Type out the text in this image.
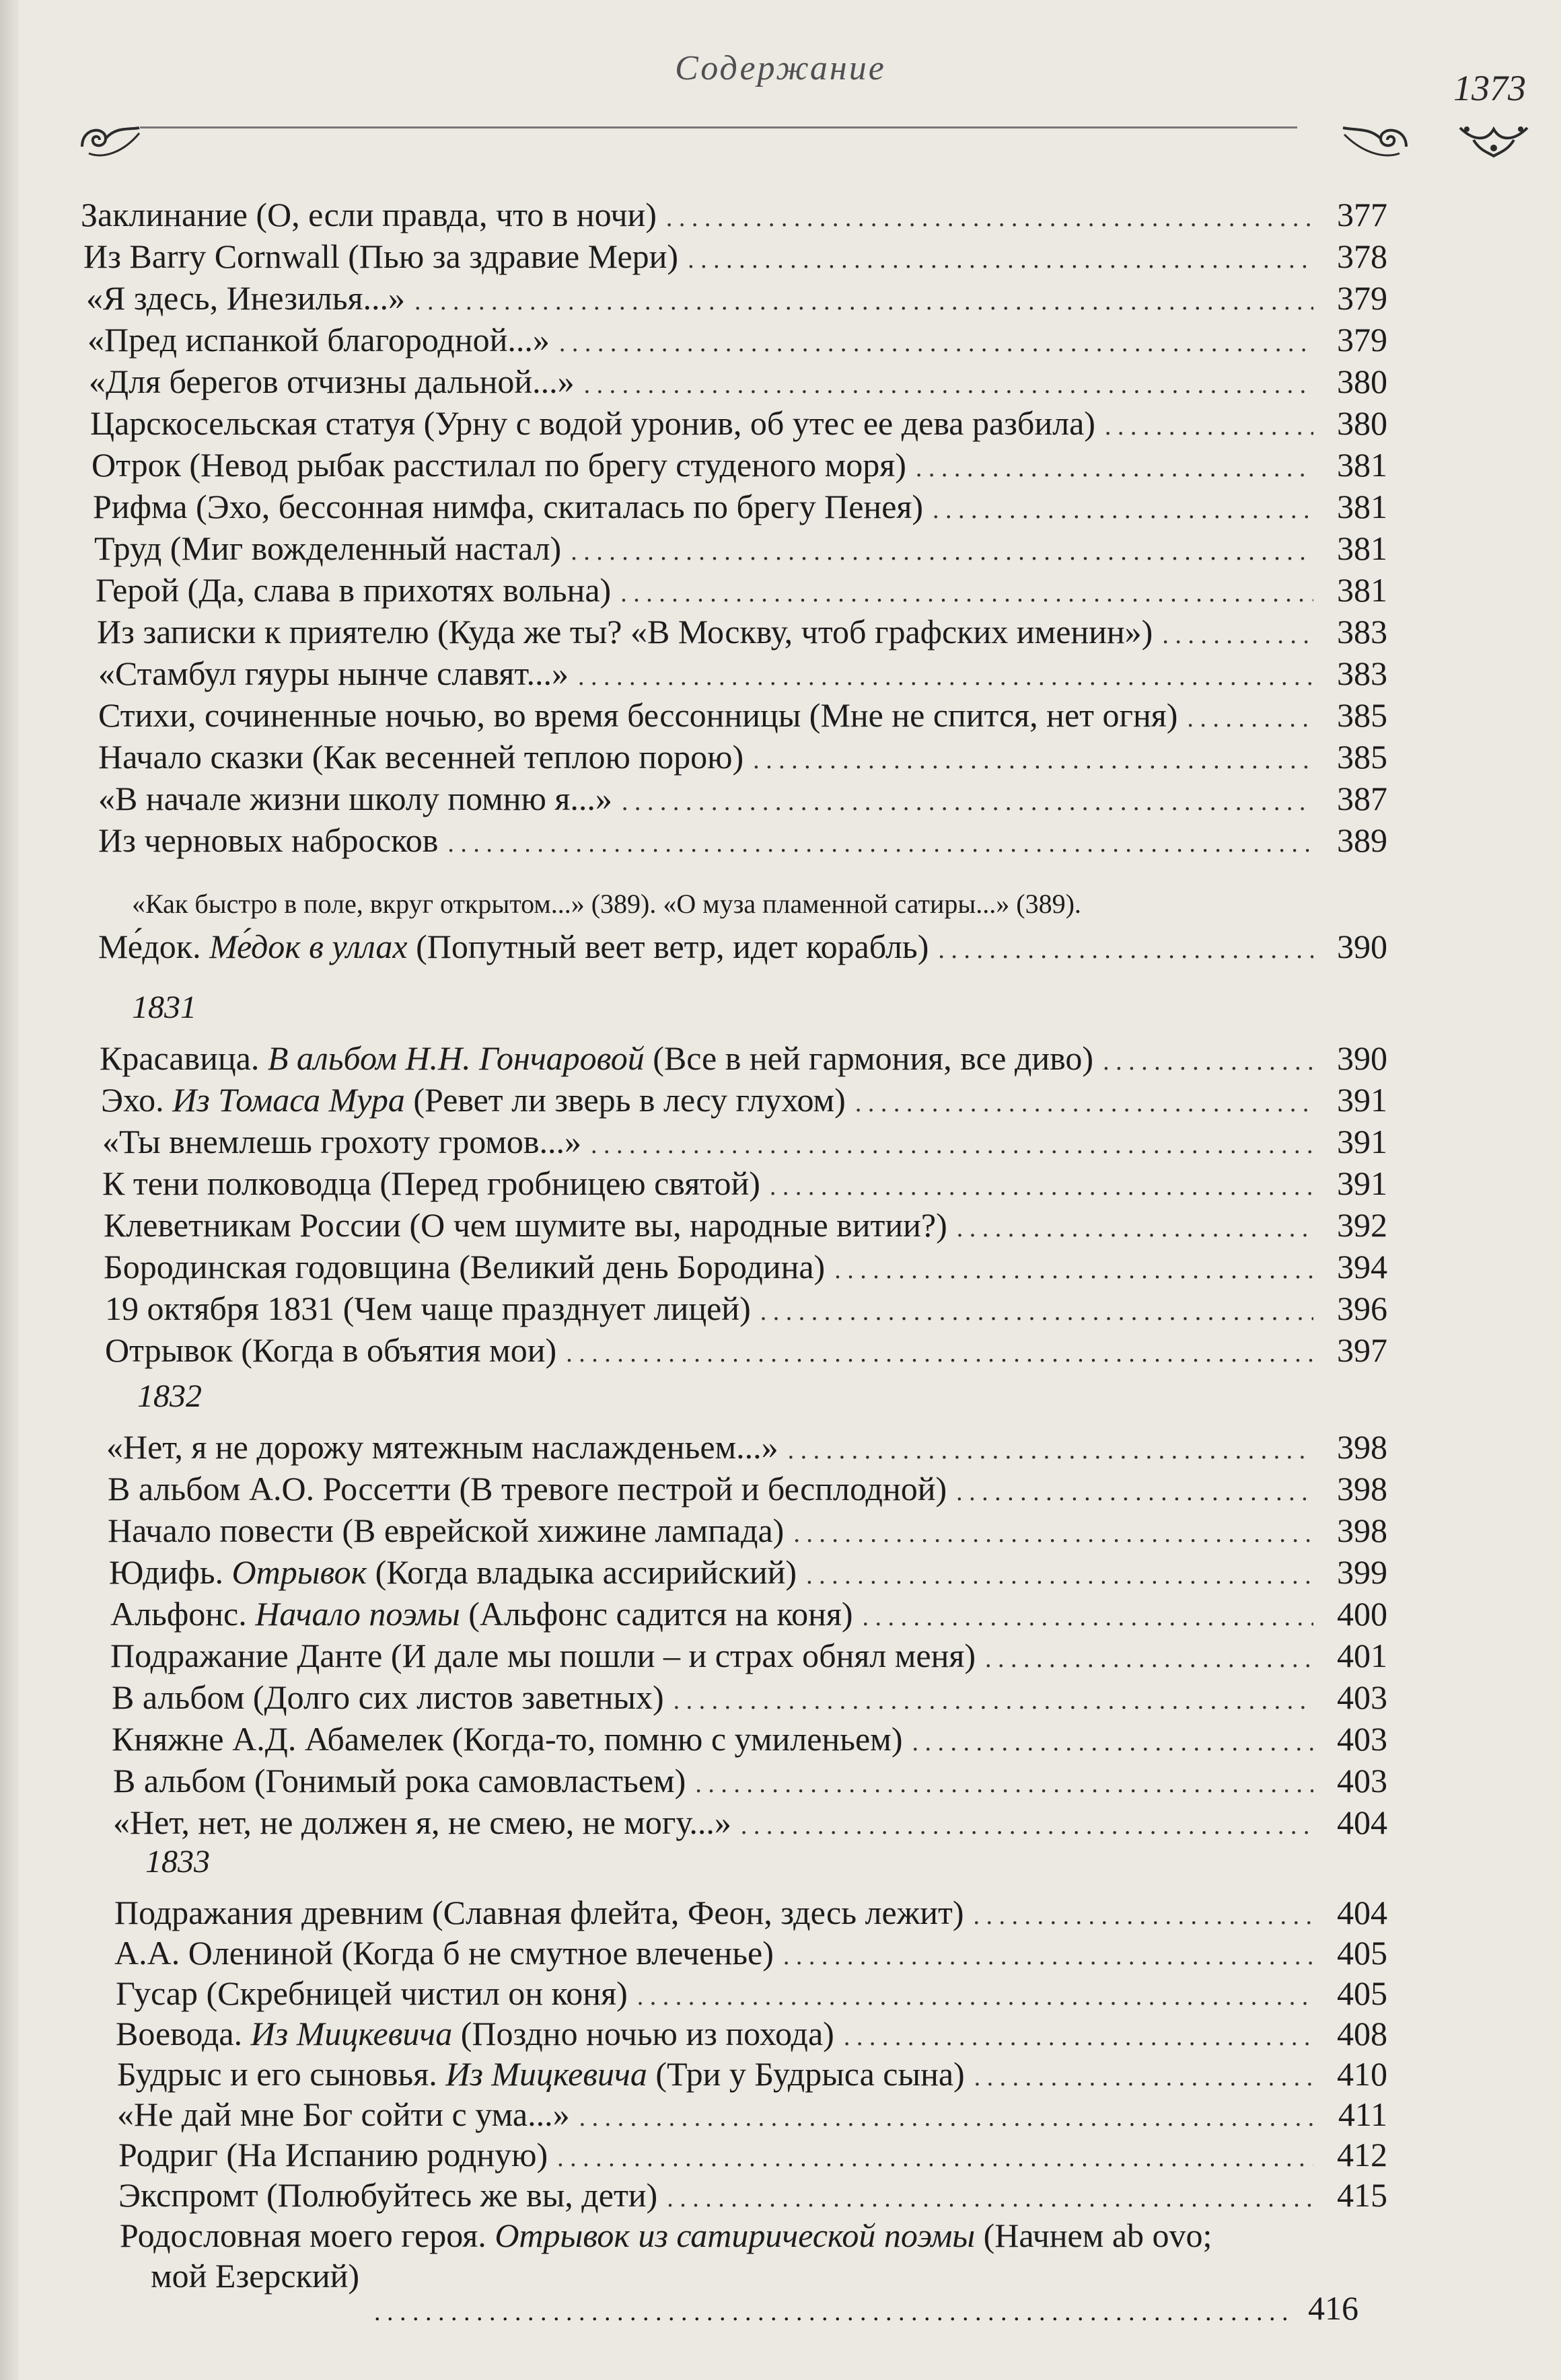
Содержание	1373
Заклинание (О, если правда, что в ночи) . . .	377
Из Barry Cornwall (Пью за здравие Мери) . . .	378
«Я здесь, Инезилья...» . . .	379
«Пред испанкой благородной...» . . .	379
«Для берегов отчизны дальной...» . . .	380
Царскосельская статуя (Урну с водой уронив, об утес ее дева разбила) . . .	380
Отрок (Невод рыбак расстилал по брегу студеного моря) . . .	381
Рифма (Эхо, бессонная нимфа, скиталась по брегу Пенея) . . .	381
Труд (Миг вожделенный настал) . . .	381
Герой (Да, слава в прихотях вольна) . . .	381
Из записки к приятелю (Куда же ты? «В Москву, чтоб графских именин») . . .	383
«Стамбул гяуры нынче славят...» . . .	383
Стихи, сочиненные ночью, во время бессонницы (Мне не спится, нет огня) . . .	385
Начало сказки (Как весенней теплою порою) . . .	385
«В начале жизни школу помню я...» . . .	387
Из черновых набросков . . .	389
«Как быстро в поле, вкруг открытом...» (389). «О муза пламенной сатиры...» (389).
Ме́док. Ме́док в уллах (Попутный веет ветр, идет корабль) . . .	390
1831
1832
1833
Красавица. В альбом Н.Н. Гончаровой (Все в ней гармония, все диво) . . .	390
Эхо. Из Томаса Мура (Ревет ли зверь в лесу глухом) . . .	391
«Ты внемлешь грохоту громов...» . . .	391
К тени полководца (Перед гробницею святой) . . .	391
Клеветникам России (О чем шумите вы, народные витии?) . . .	392
Бородинская годовщина (Великий день Бородина) . . .	394
19 октября 1831 (Чем чаще празднует лицей) . . .	396
Отрывок (Когда в объятия мои) . . .	397
«Нет, я не дорожу мятежным наслажденьем...» . . .	398
В альбом А.О. Россетти (В тревоге пестрой и бесплодной) . . .	398
Начало повести (В еврейской хижине лампада) . . .	398
Юдифь. Отрывок (Когда владыка ассирийский) . . .	399
Альфонс. Начало поэмы (Альфонс садится на коня) . . .	400
Подражание Данте (И дале мы пошли – и страх обнял меня) . . .	401
В альбом (Долго сих листов заветных) . . .	403
Княжне А.Д. Абамелек (Когда-то, помню с умиленьем) . . .	403
В альбом (Гонимый рока самовластьем) . . .	403
«Нет, нет, не должен я, не смею, не могу...» . . .	404
Подражания древним (Славная флейта, Феон, здесь лежит) . . .	404
А.А. Олениной (Когда б не смутное влеченье) . . .	405
Гусар (Скребницей чистил он коня) . . .	405
Воевода. Из Мицкевича (Поздно ночью из похода) . . .	408
Будрыс и его сыновья. Из Мицкевича (Три у Будрыса сына) . . .	410
«Не дай мне Бог сойти с ума...» . . .	411
Родриг (На Испанию родную) . . .	412
Экспромт (Полюбуйтесь же вы, дети) . . .	415
Родословная моего героя. Отрывок из сатирической поэмы (Начнем ab ovo;
мой Езерский)
. . .
416
